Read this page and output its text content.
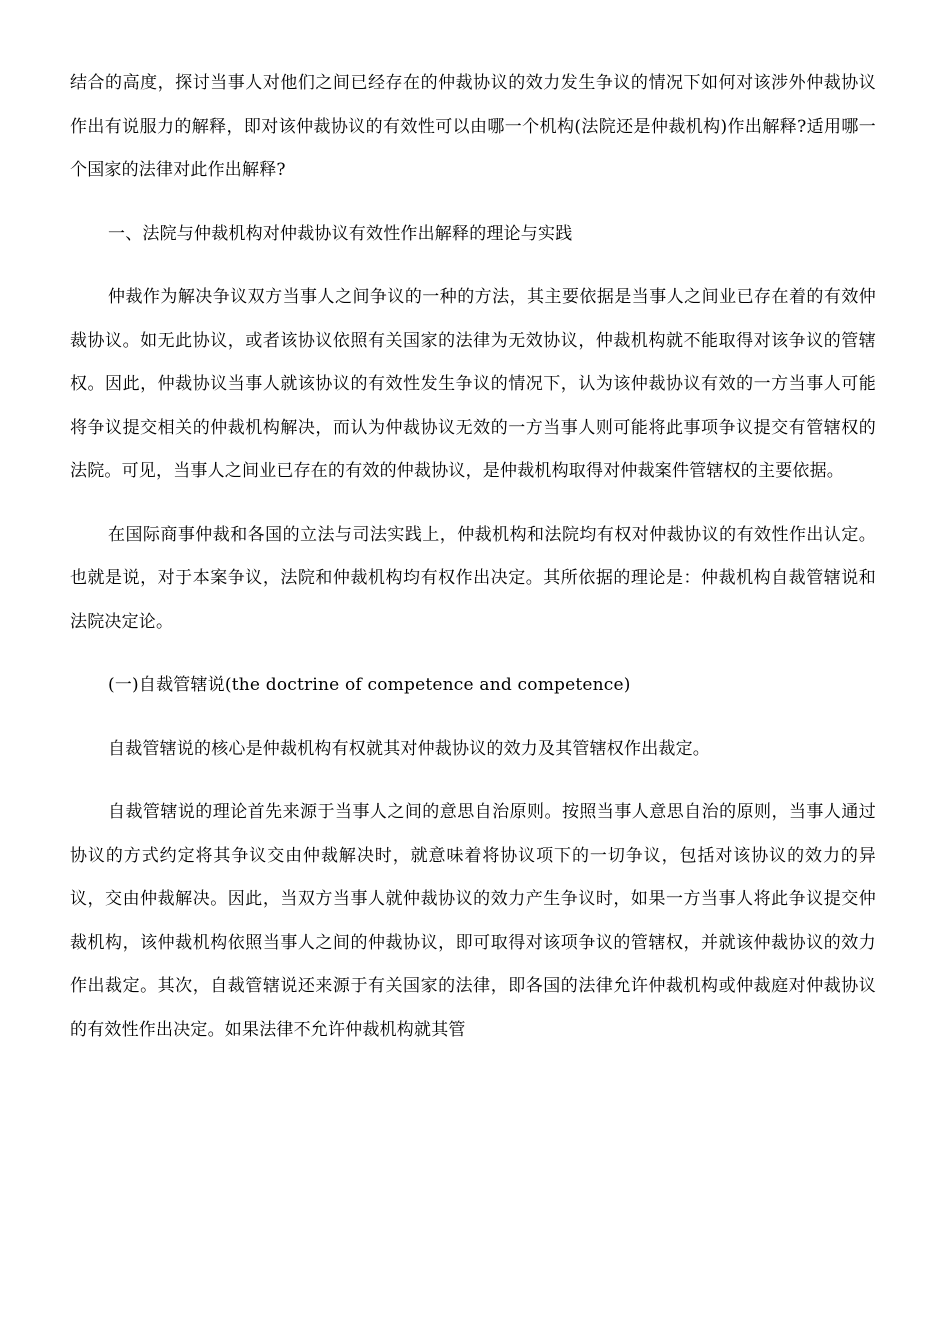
结合的高度，探讨当事人对他们之间已经存在的仲裁协议的效力发生争议的情况下如何对该涉外仲裁协议作出有说服力的解释，即对该仲裁协议的有效性可以由哪一个机构(法院还是仲裁机构)作出解释?适用哪一个国家的法律对此作出解释?

一、法院与仲裁机构对仲裁协议有效性作出解释的理论与实践

仲裁作为解决争议双方当事人之间争议的一种的方法，其主要依据是当事人之间业已存在着的有效仲裁协议。如无此协议，或者该协议依照有关国家的法律为无效协议，仲裁机构就不能取得对该争议的管辖权。因此，仲裁协议当事人就该协议的有效性发生争议的情况下，认为该仲裁协议有效的一方当事人可能将争议提交相关的仲裁机构解决，而认为仲裁协议无效的一方当事人则可能将此事项争议提交有管辖权的法院。可见，当事人之间业已存在的有效的仲裁协议，是仲裁机构取得对仲裁案件管辖权的主要依据。

在国际商事仲裁和各国的立法与司法实践上，仲裁机构和法院均有权对仲裁协议的有效性作出认定。也就是说，对于本案争议，法院和仲裁机构均有权作出决定。其所依据的理论是：仲裁机构自裁管辖说和法院决定论。

(一)自裁管辖说(the doctrine of competence and competence)

自裁管辖说的核心是仲裁机构有权就其对仲裁协议的效力及其管辖权作出裁定。

自裁管辖说的理论首先来源于当事人之间的意思自治原则。按照当事人意思自治的原则，当事人通过协议的方式约定将其争议交由仲裁解决时，就意味着将协议项下的一切争议，包括对该协议的效力的异议，交由仲裁解决。因此，当双方当事人就仲裁协议的效力产生争议时，如果一方当事人将此争议提交仲裁机构，该仲裁机构依照当事人之间的仲裁协议，即可取得对该项争议的管辖权，并就该仲裁协议的效力作出裁定。其次，自裁管辖说还来源于有关国家的法律，即各国的法律允许仲裁机构或仲裁庭对仲裁协议的有效性作出决定。如果法律不允许仲裁机构就其管
